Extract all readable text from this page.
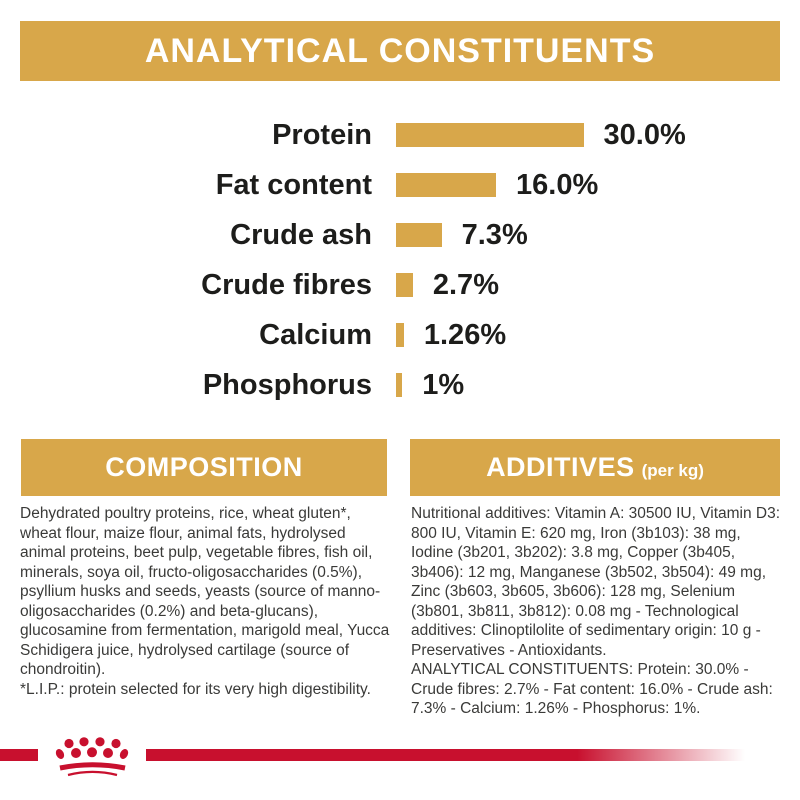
ANALYTICAL CONSTITUENTS
Protein	30.0%
Fat content	16.0%
Crude ash	7.3%
Crude fibres 2.7%
Calcium 1.26%
Phosphorus 1%
COMPOSITION

Dehydrated poultry proteins, rice, wheat gluten*, wheat flour, maize flour, animal fats, hydrolysed animal proteins, beet pulp, vegetable fibres, fish oil, minerals, soya oil, fructo-oligosaccharides (0.5%), psyllium husks and seeds, yeasts (source of manno-oligosaccharides (0.2%) and beta-glucans), glucosamine from fermentation, marigold meal, Yucca Schidigera juice, hydrolysed cartilage (source of chondroitin).

*L.I.P.: protein selected for its very high digestibility.

ADDITIVES (per kg)

Nutritional additives: Vitamin A: 30500 IU, Vitamin D3: 800 IU, Vitamin E: 620 mg, Iron (3b103): 38 mg, Iodine (3b201, 3b202): 3.8 mg, Copper (3b405, 3b406): 12 mg, Manganese (3b502, 3b504): 49 mg, Zinc (3b603, 3b605, 3b606): 128 mg, Selenium (3b801, 3b811, 3b812): 0.08 mg - Technological additives: Clinoptilolite of sedimentary origin: 10 g - Preservatives - Antioxidants.

ANALYTICAL CONSTITUENTS: Protein: 30.0% - Crude fibres: 2.7% - Fat content: 16.0% - Crude ash: 7.3% - Calcium: 1.26% - Phosphorus: 1%.
